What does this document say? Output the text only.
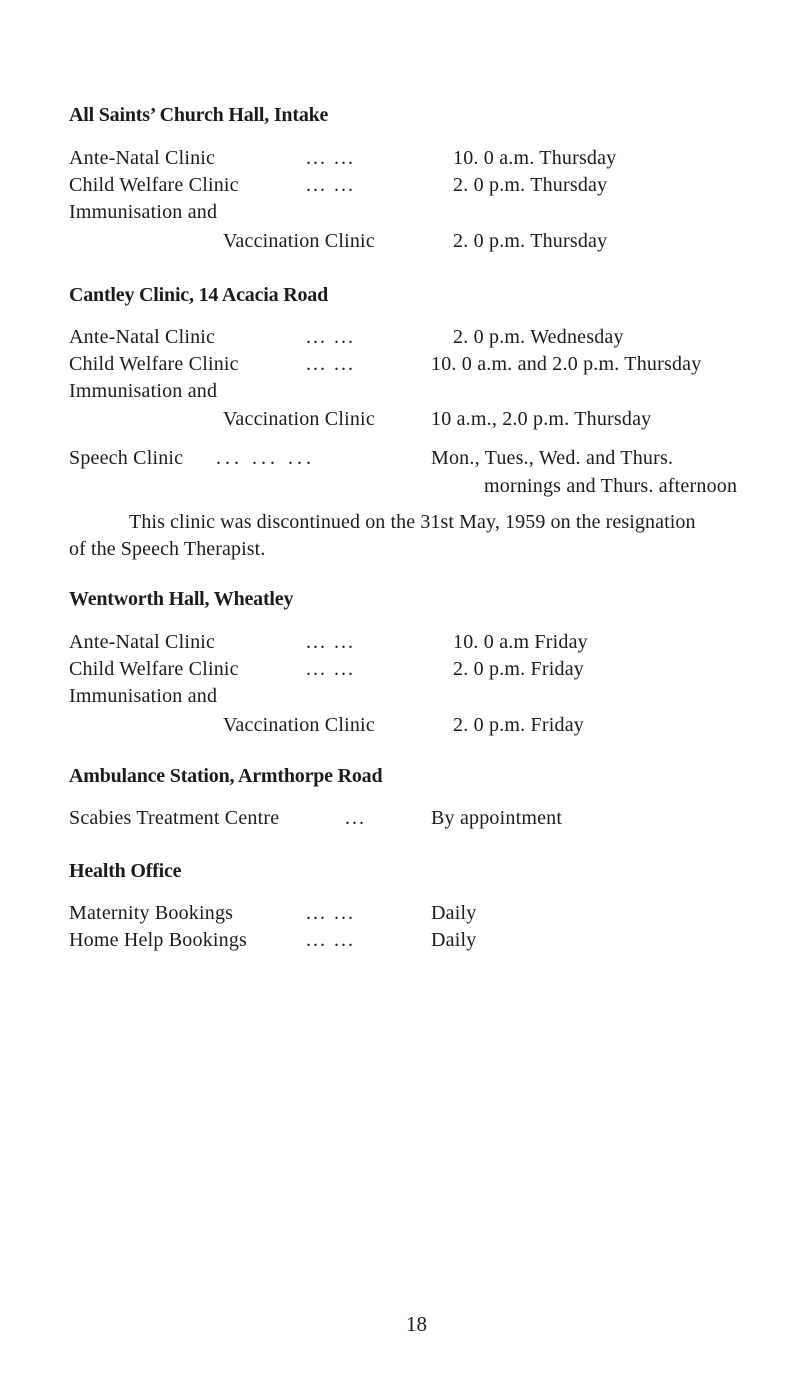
All Saints’ Church Hall, Intake
Ante-Natal Clinic	... ...	10. 0 a.m. Thursday
Child Welfare Clinic	... ...	2. 0 p.m. Thursday
Immunisation and
Vaccination Clinic	2. 0 p.m. Thursday
Cantley Clinic, 14 Acacia Road
Ante-Natal Clinic	... ...	2. 0 p.m. Wednesday
Child Welfare Clinic	... ...	10. 0 a.m. and 2.0 p.m. Thursday
Immunisation and
Vaccination Clinic	10 a.m., 2.0 p.m. Thursday
Speech Clinic ... ... ...	Mon., Tues., Wed. and Thurs.
mornings and Thurs. afternoon
This clinic was discontinued on the 31st May, 1959 on the resignation
of the Speech Therapist.
Wentworth Hall, Wheatley
Ante-Natal Clinic	... ...	10. 0 a.m Friday
Child Welfare Clinic	... ...	2. 0 p.m. Friday
Immunisation and
Vaccination Clinic	2. 0 p.m. Friday
Ambulance Station, Armthorpe Road
Scabies Treatment Centre	...	By appointment
Health Office
Maternity Bookings	... ...	Daily
Home Help Bookings	... ...	Daily
18
